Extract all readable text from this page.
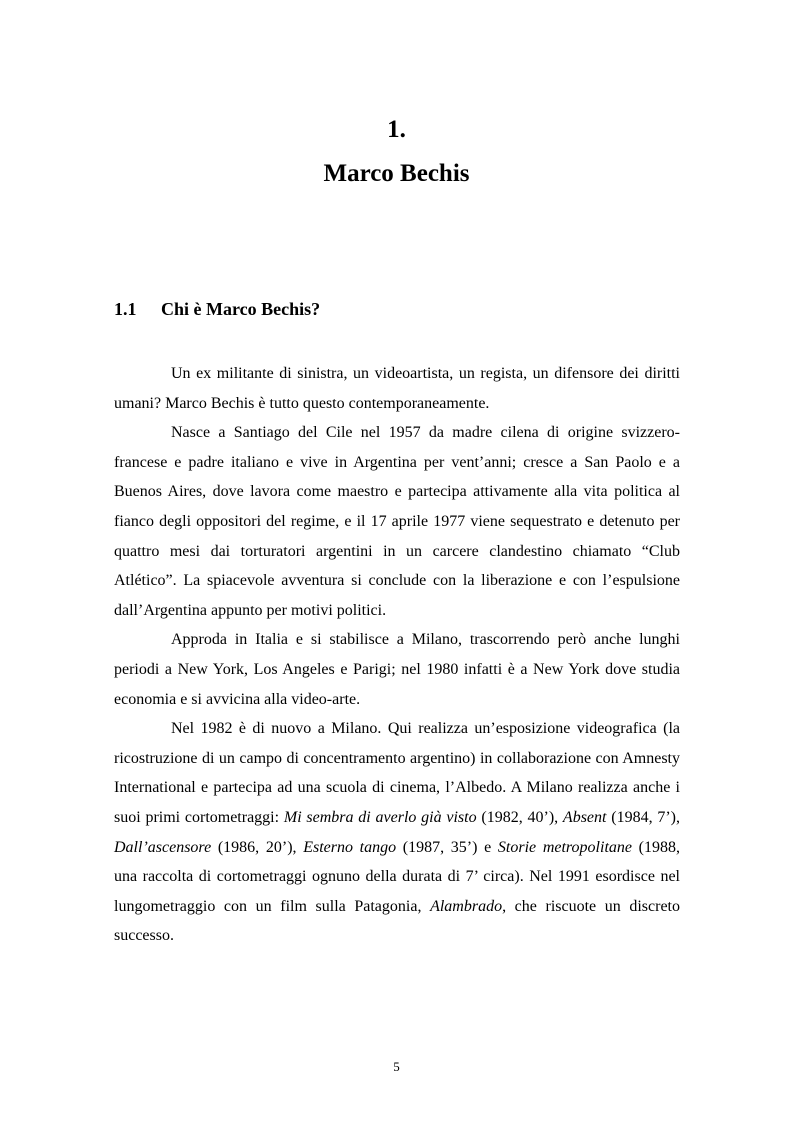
1.
Marco Bechis
1.1 Chi è Marco Bechis?

Un ex militante di sinistra, un videoartista, un regista, un difensore dei diritti umani? Marco Bechis è tutto questo contemporaneamente.

Nasce a Santiago del Cile nel 1957 da madre cilena di origine svizzero-francese e padre italiano e vive in Argentina per vent’anni; cresce a San Paolo e a Buenos Aires, dove lavora come maestro e partecipa attivamente alla vita politica al fianco degli oppositori del regime, e il 17 aprile 1977 viene sequestrato e detenuto per quattro mesi dai torturatori argentini in un carcere clandestino chiamato “Club Atlético”. La spiacevole avventura si conclude con la liberazione e con l’espulsione dall’Argentina appunto per motivi politici.

Approda in Italia e si stabilisce a Milano, trascorrendo però anche lunghi periodi a New York, Los Angeles e Parigi; nel 1980 infatti è a New York dove studia economia e si avvicina alla video-arte.

Nel 1982 è di nuovo a Milano. Qui realizza un’esposizione videografica (la ricostruzione di un campo di concentramento argentino) in collaborazione con Amnesty International e partecipa ad una scuola di cinema, l’Albedo. A Milano realizza anche i suoi primi cortometraggi: Mi sembra di averlo già visto (1982, 40’), Absent (1984, 7’), Dall’ascensore (1986, 20’), Esterno tango (1987, 35’) e Storie metropolitane (1988, una raccolta di cortometraggi ognuno della durata di 7’ circa). Nel 1991 esordisce nel lungometraggio con un film sulla Patagonia, Alambrado, che riscuote un discreto successo.

5
